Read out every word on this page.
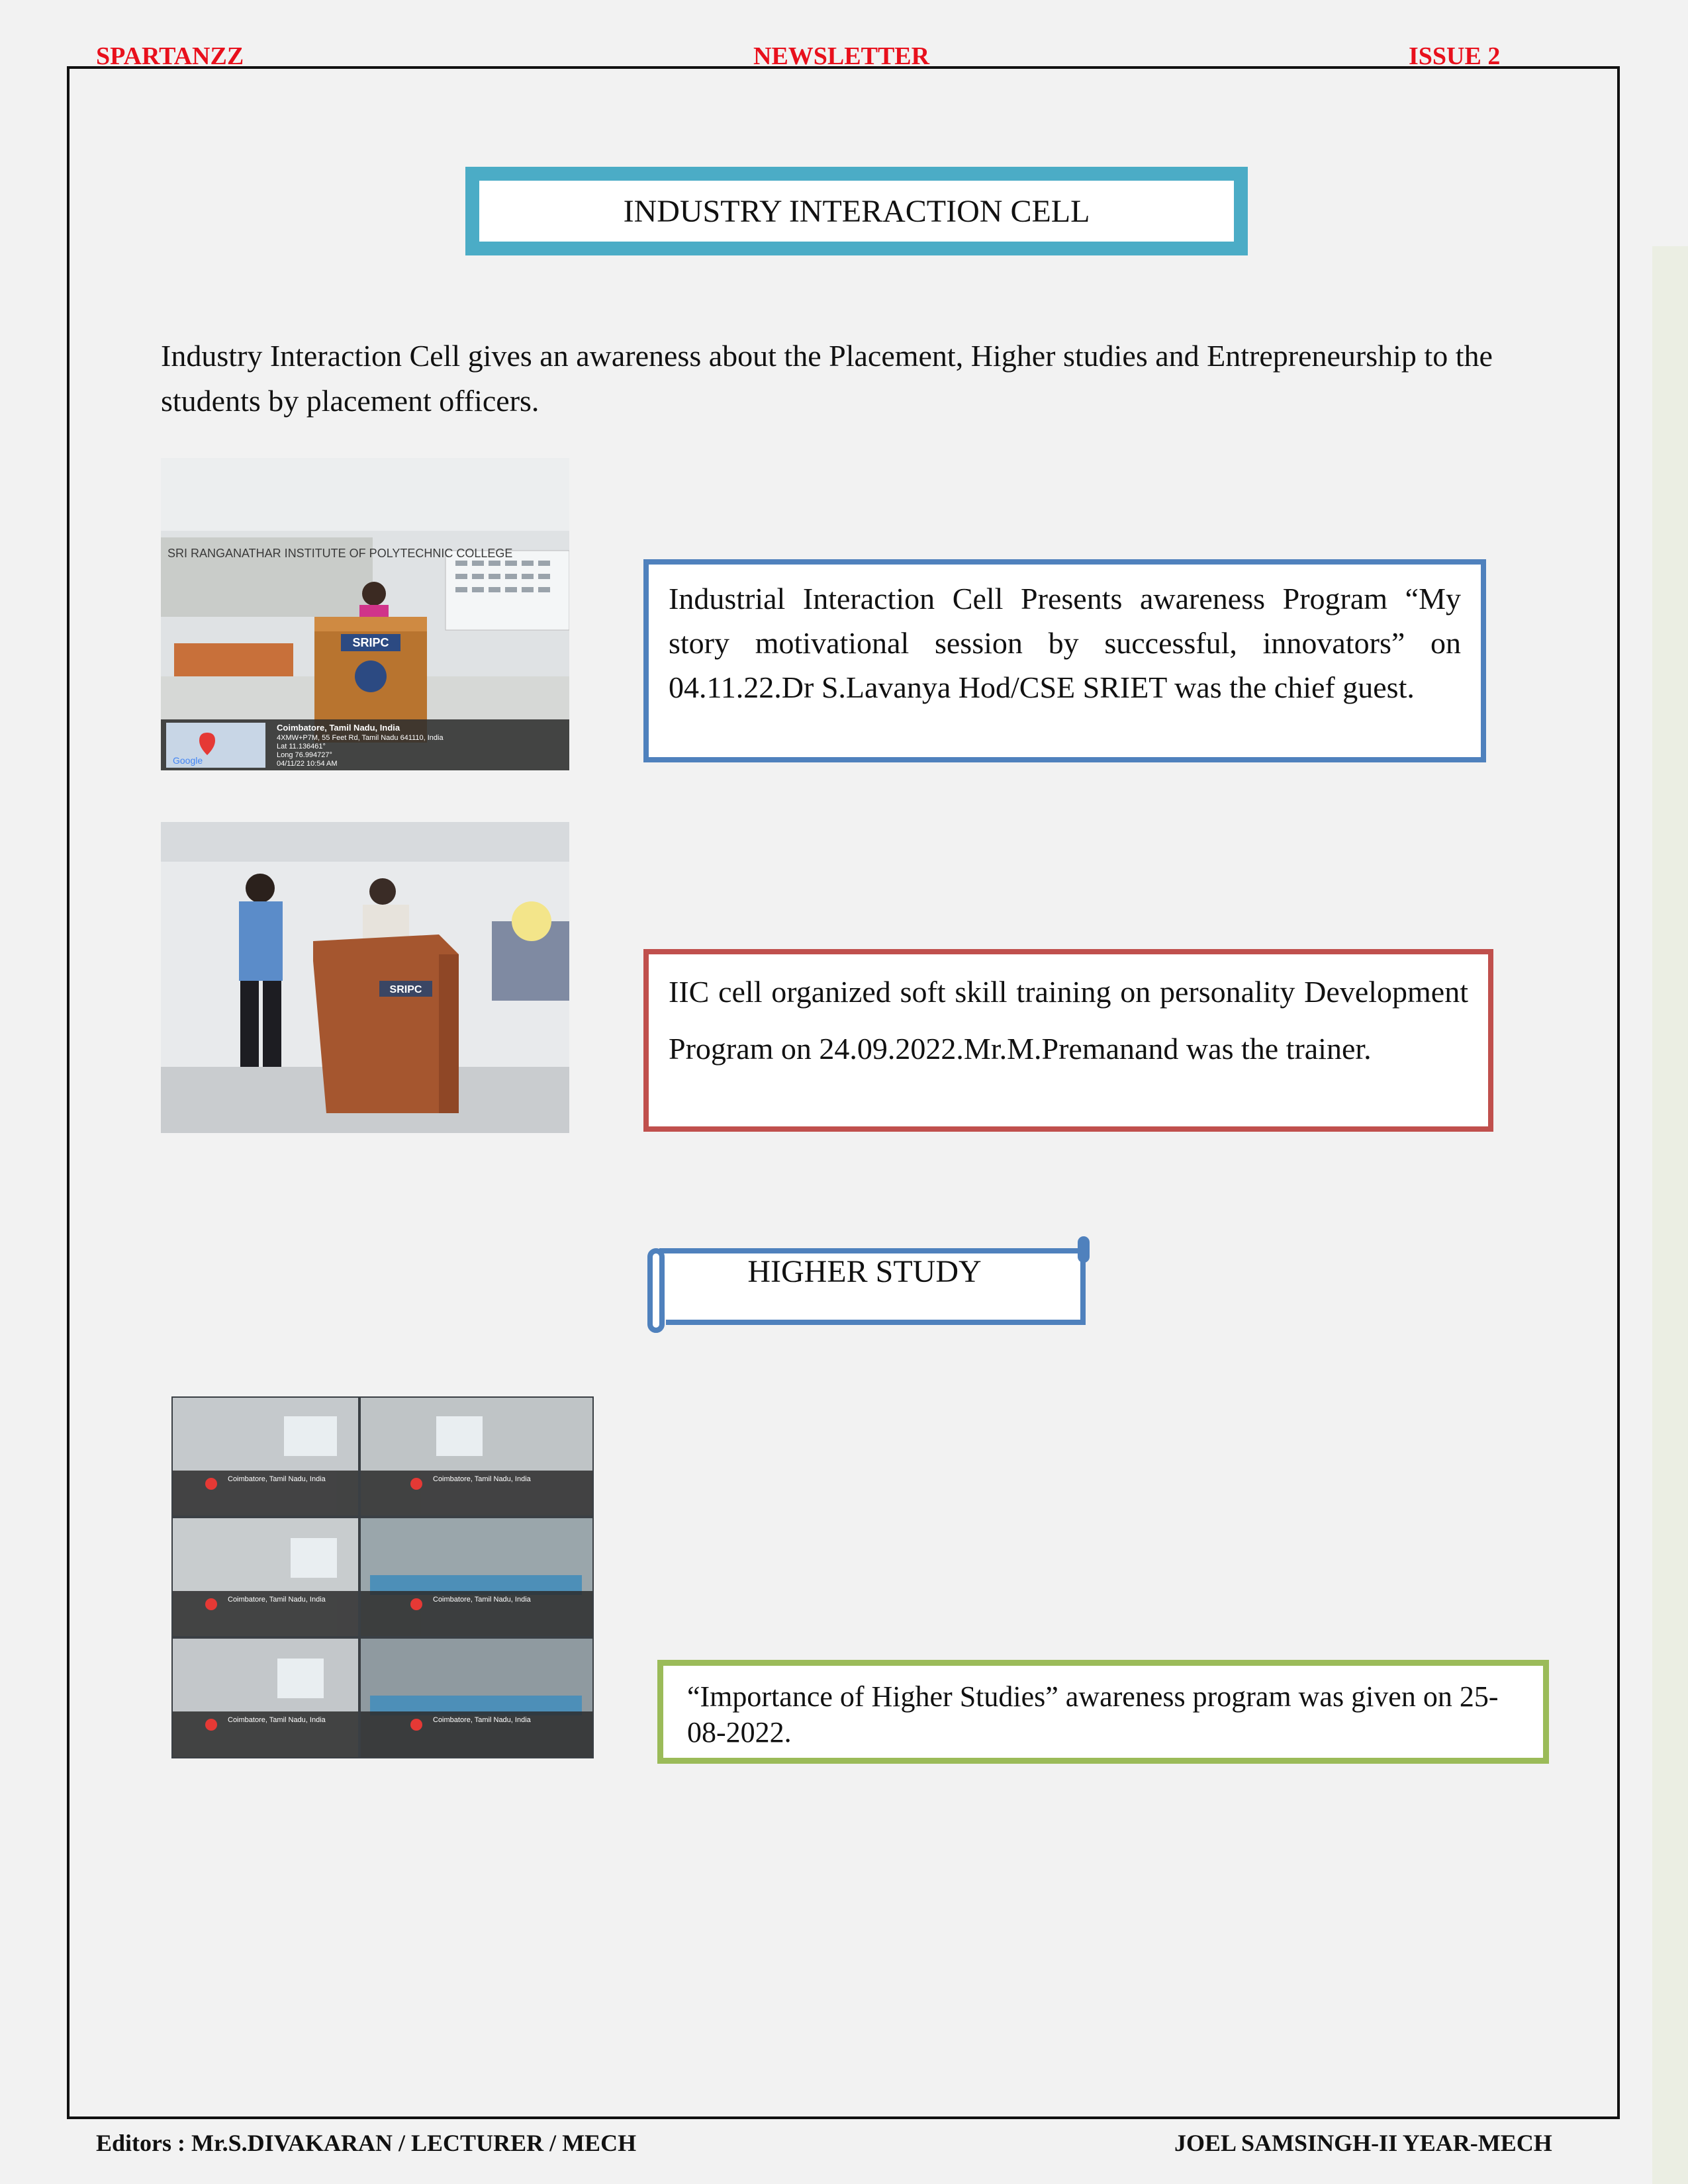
SPARTANZZ	NEWSLETTER	ISSUE 2
INDUSTRY INTERACTION CELL
Industry Interaction Cell gives an awareness about the Placement, Higher studies and Entrepreneurship to the students by placement officers.
SRI RANGANATHAR INSTITUTE OF POLYTECHNIC COLLEGE
SRIPC
Google
Coimbatore, Tamil Nadu, India
4XMW+P7M, 55 Feet Rd, Tamil Nadu 641110, India
Lat 11.136461°
Long 76.994727°
04/11/22 10:54 AM
Industrial Interaction Cell Presents awareness Program “My story motivational session by successful, innovators” on 04.11.22.Dr S.Lavanya Hod/CSE SRIET was the chief guest.
SRIPC	IIC cell organized soft skill training on personality Development Program on 24.09.2022.Mr.M.Premanand was the trainer.
HIGHER STUDY
Coimbatore, Tamil Nadu, India	Coimbatore, Tamil Nadu, India
Coimbatore, Tamil Nadu, India	Coimbatore, Tamil Nadu, India
Coimbatore, Tamil Nadu, India	Coimbatore, Tamil Nadu, India
“Importance of Higher Studies” awareness program was given on 25-08-2022.
Editors : Mr.S.DIVAKARAN / LECTURER / MECH	JOEL SAMSINGH-II YEAR-MECH
